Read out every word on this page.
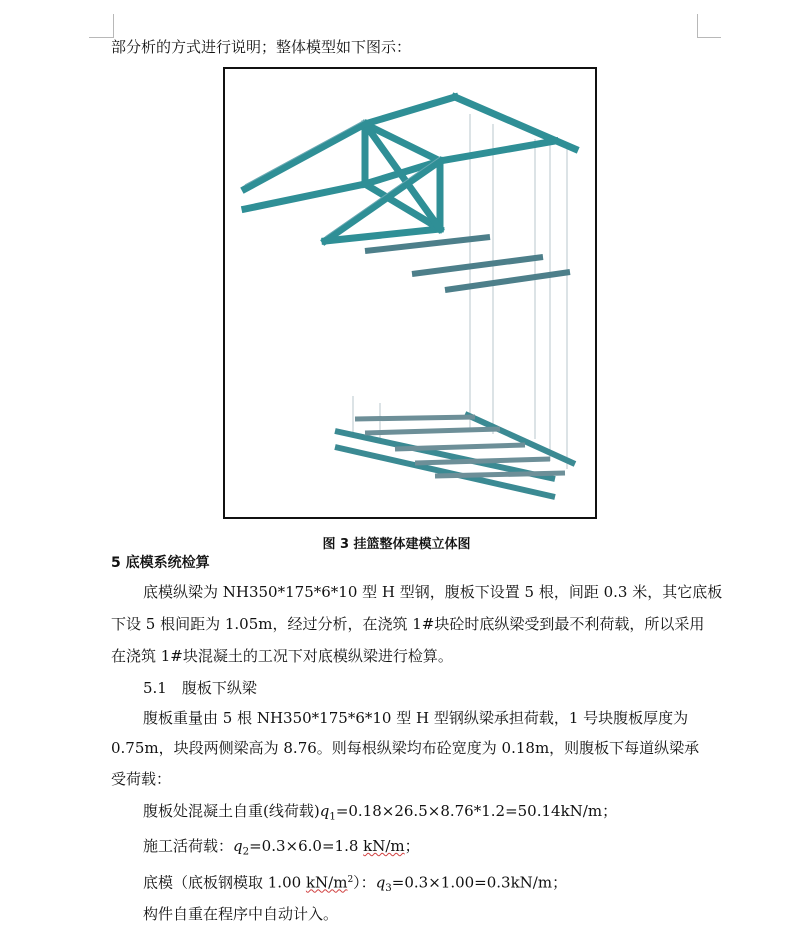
部分析的方式进行说明；整体模型如下图示：
图 3 挂篮整体建模立体图
5 底模系统检算
底模纵梁为 NH350*175*6*10 型 H 型钢，腹板下设置 5 根，间距 0.3 米，其它底板
下设 5 根间距为 1.05m，经过分析，在浇筑 1#块砼时底纵梁受到最不利荷载，所以采用
在浇筑 1#块混凝土的工况下对底模纵梁进行检算。
5.1　腹板下纵梁
腹板重量由 5 根 NH350*175*6*10 型 H 型钢纵梁承担荷载，1 号块腹板厚度为
0.75m，块段两侧梁高为 8.76。则每根纵梁均布砼宽度为 0.18m，则腹板下每道纵梁承
受荷载：
腹板处混凝土自重(线荷载)$q_1=0.18\times 26.5\times 8.76*1.2=50.14kN/m$；
施工活荷载：$q_2=0.3\times 6.0=1.8$ kN/m；
底模（底板钢模取 1.00 $kN/m^2$）：$q_3=0.3\times 1.00=0.3kN/m$；
构件自重在程序中自动计入。
